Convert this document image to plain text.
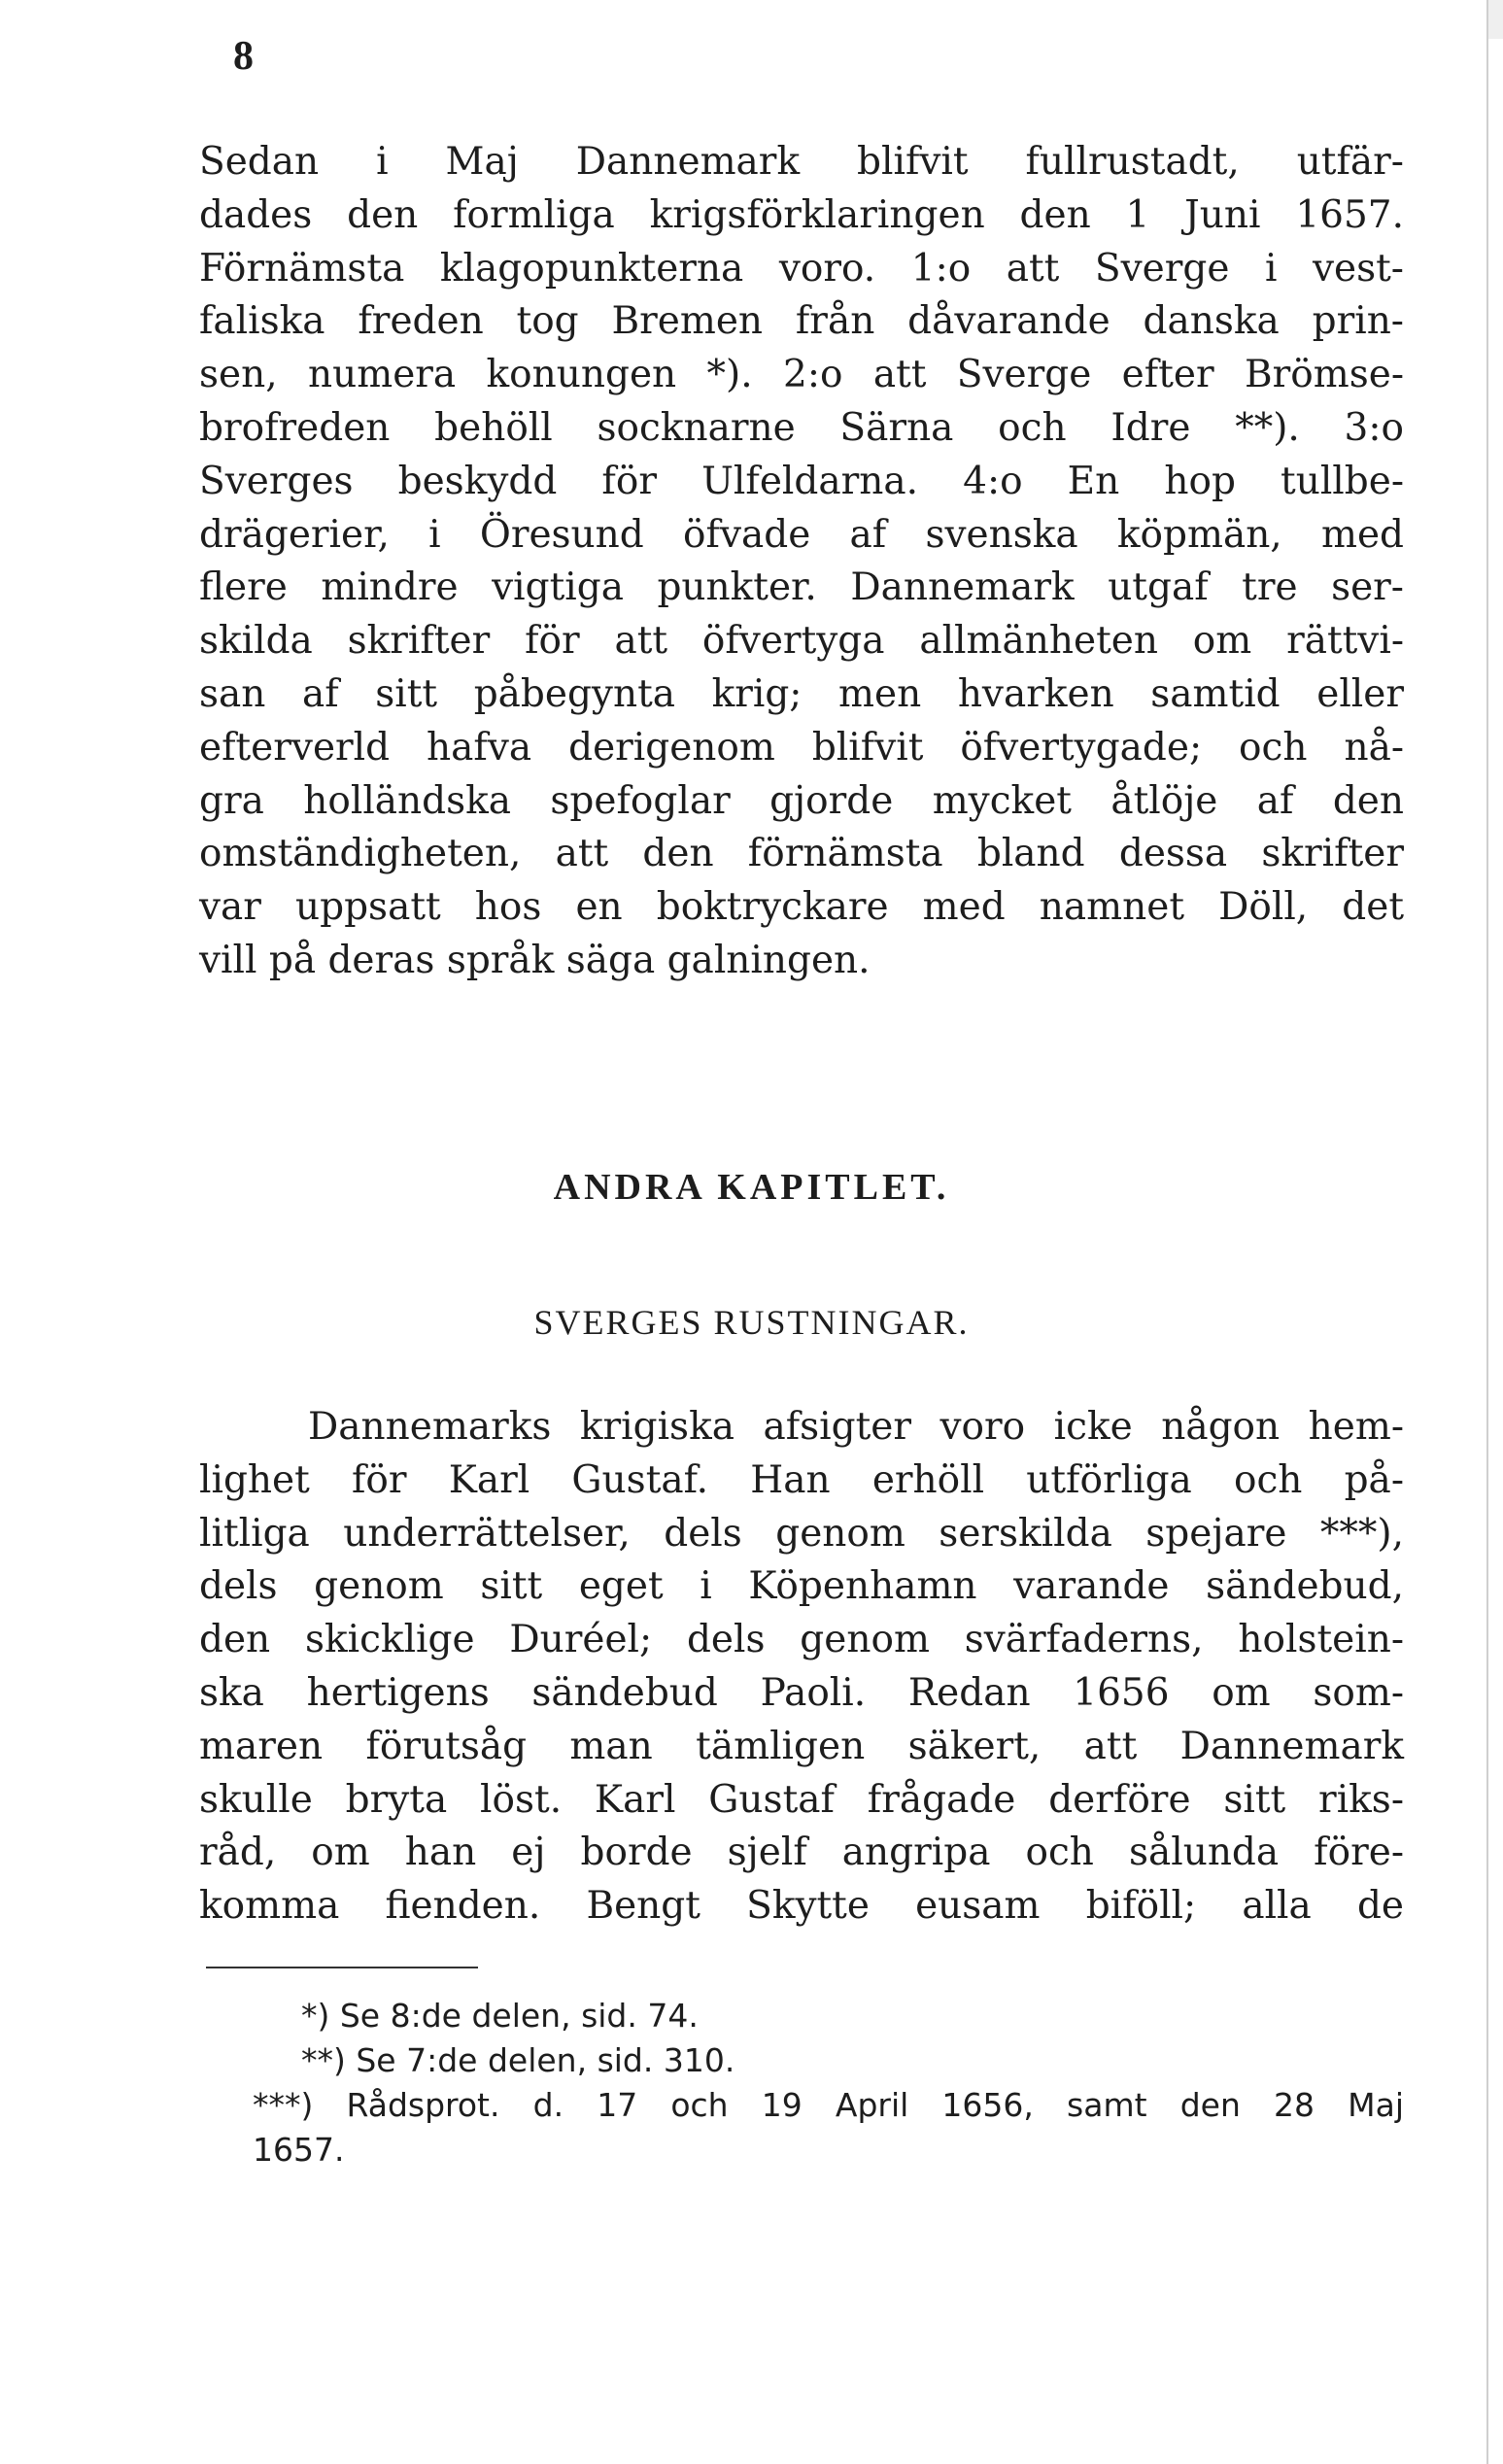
8
Sedan i Maj Dannemark blifvit fullrustadt, utfär-
dades den formliga krigsförklaringen den 1 Juni 1657.
Förnämsta klagopunkterna voro. 1:o att Sverge i vest-
faliska freden tog Bremen från dåvarande danska prin-
sen, numera konungen *). 2:o att Sverge efter Brömse-
brofreden behöll socknarne Särna och Idre **). 3:o
Sverges beskydd för Ulfeldarna. 4:o En hop tullbe-
drägerier, i Öresund öfvade af svenska köpmän, med
flere mindre vigtiga punkter. Dannemark utgaf tre ser-
skilda skrifter för att öfvertyga allmänheten om rättvi-
san af sitt påbegynta krig; men hvarken samtid eller
efterverld hafva derigenom blifvit öfvertygade; och nå-
gra holländska spefoglar gjorde mycket åtlöje af den
omständigheten, att den förnämsta bland dessa skrifter
var uppsatt hos en boktryckare med namnet Döll, det
vill på deras språk säga galningen.
ANDRA KAPITLET.
SVERGES RUSTNINGAR.
Dannemarks krigiska afsigter voro icke någon hem-
lighet för Karl Gustaf. Han erhöll utförliga och på-
litliga underrättelser, dels genom serskilda spejare ***),
dels genom sitt eget i Köpenhamn varande sändebud,
den skicklige Duréel; dels genom svärfaderns, holstein-
ska hertigens sändebud Paoli. Redan 1656 om som-
maren förutsåg man tämligen säkert, att Dannemark
skulle bryta löst. Karl Gustaf frågade derföre sitt riks-
råd, om han ej borde sjelf angripa och sålunda före-
komma fienden. Bengt Skytte eusam biföll; alla de
*) Se 8:de delen, sid. 74.
**) Se 7:de delen, sid. 310.
***) Rådsprot. d. 17 och 19 April 1656, samt den 28 Maj
1657.
